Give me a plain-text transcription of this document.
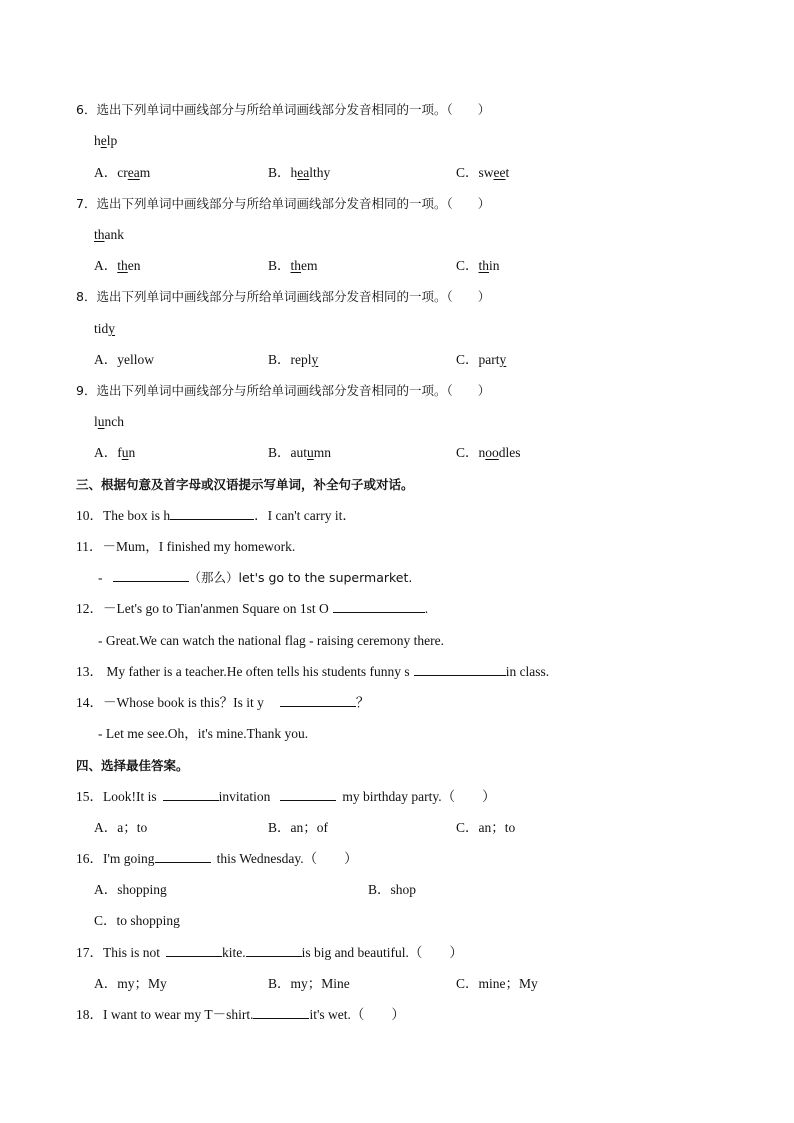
6．选出下列单词中画线部分与所给单词画线部分发音相同的一项。（　　）
help
A．cream	B．healthy	C．sweet
7．选出下列单词中画线部分与所给单词画线部分发音相同的一项。（　　）
thank
A．then	B．them	C．thin
8．选出下列单词中画线部分与所给单词画线部分发音相同的一项。（　　）
tidy
A．yellow	B．reply	C．party
9．选出下列单词中画线部分与所给单词画线部分发音相同的一项。（　　）
lunch
A．fun	B．autumn	C．noodles
三、根据句意及首字母或汉语提示写单词，补全句子或对话。
10．The box is h	．I can't carry it．
11．－Mum，I finished my homework.
-	（那么）let's go to the supermarket.
12．－Let's go to Tian'anmen Square on 1st O	.
- Great.We can watch the national flag - raising ceremony there.
13． My father is a teacher.He often tells his students funny s	in class.
14．－Whose book is this？Is it y	？
- Let me see.Oh，it's mine.Thank you.
四、选择最佳答案。
15．Look!It is	invitation	my birthday party.（　　）
A．a；to	B．an；of	C．an；to
16．I'm going	this Wednesday.（　　）
A．shopping	B．shop
C．to shopping
17．This is not	kite.	is big and beautiful.（　　）
A．my；My	B．my；Mine	C．mine；My
18．I want to wear my T－shirt.	it's wet.（　　）
